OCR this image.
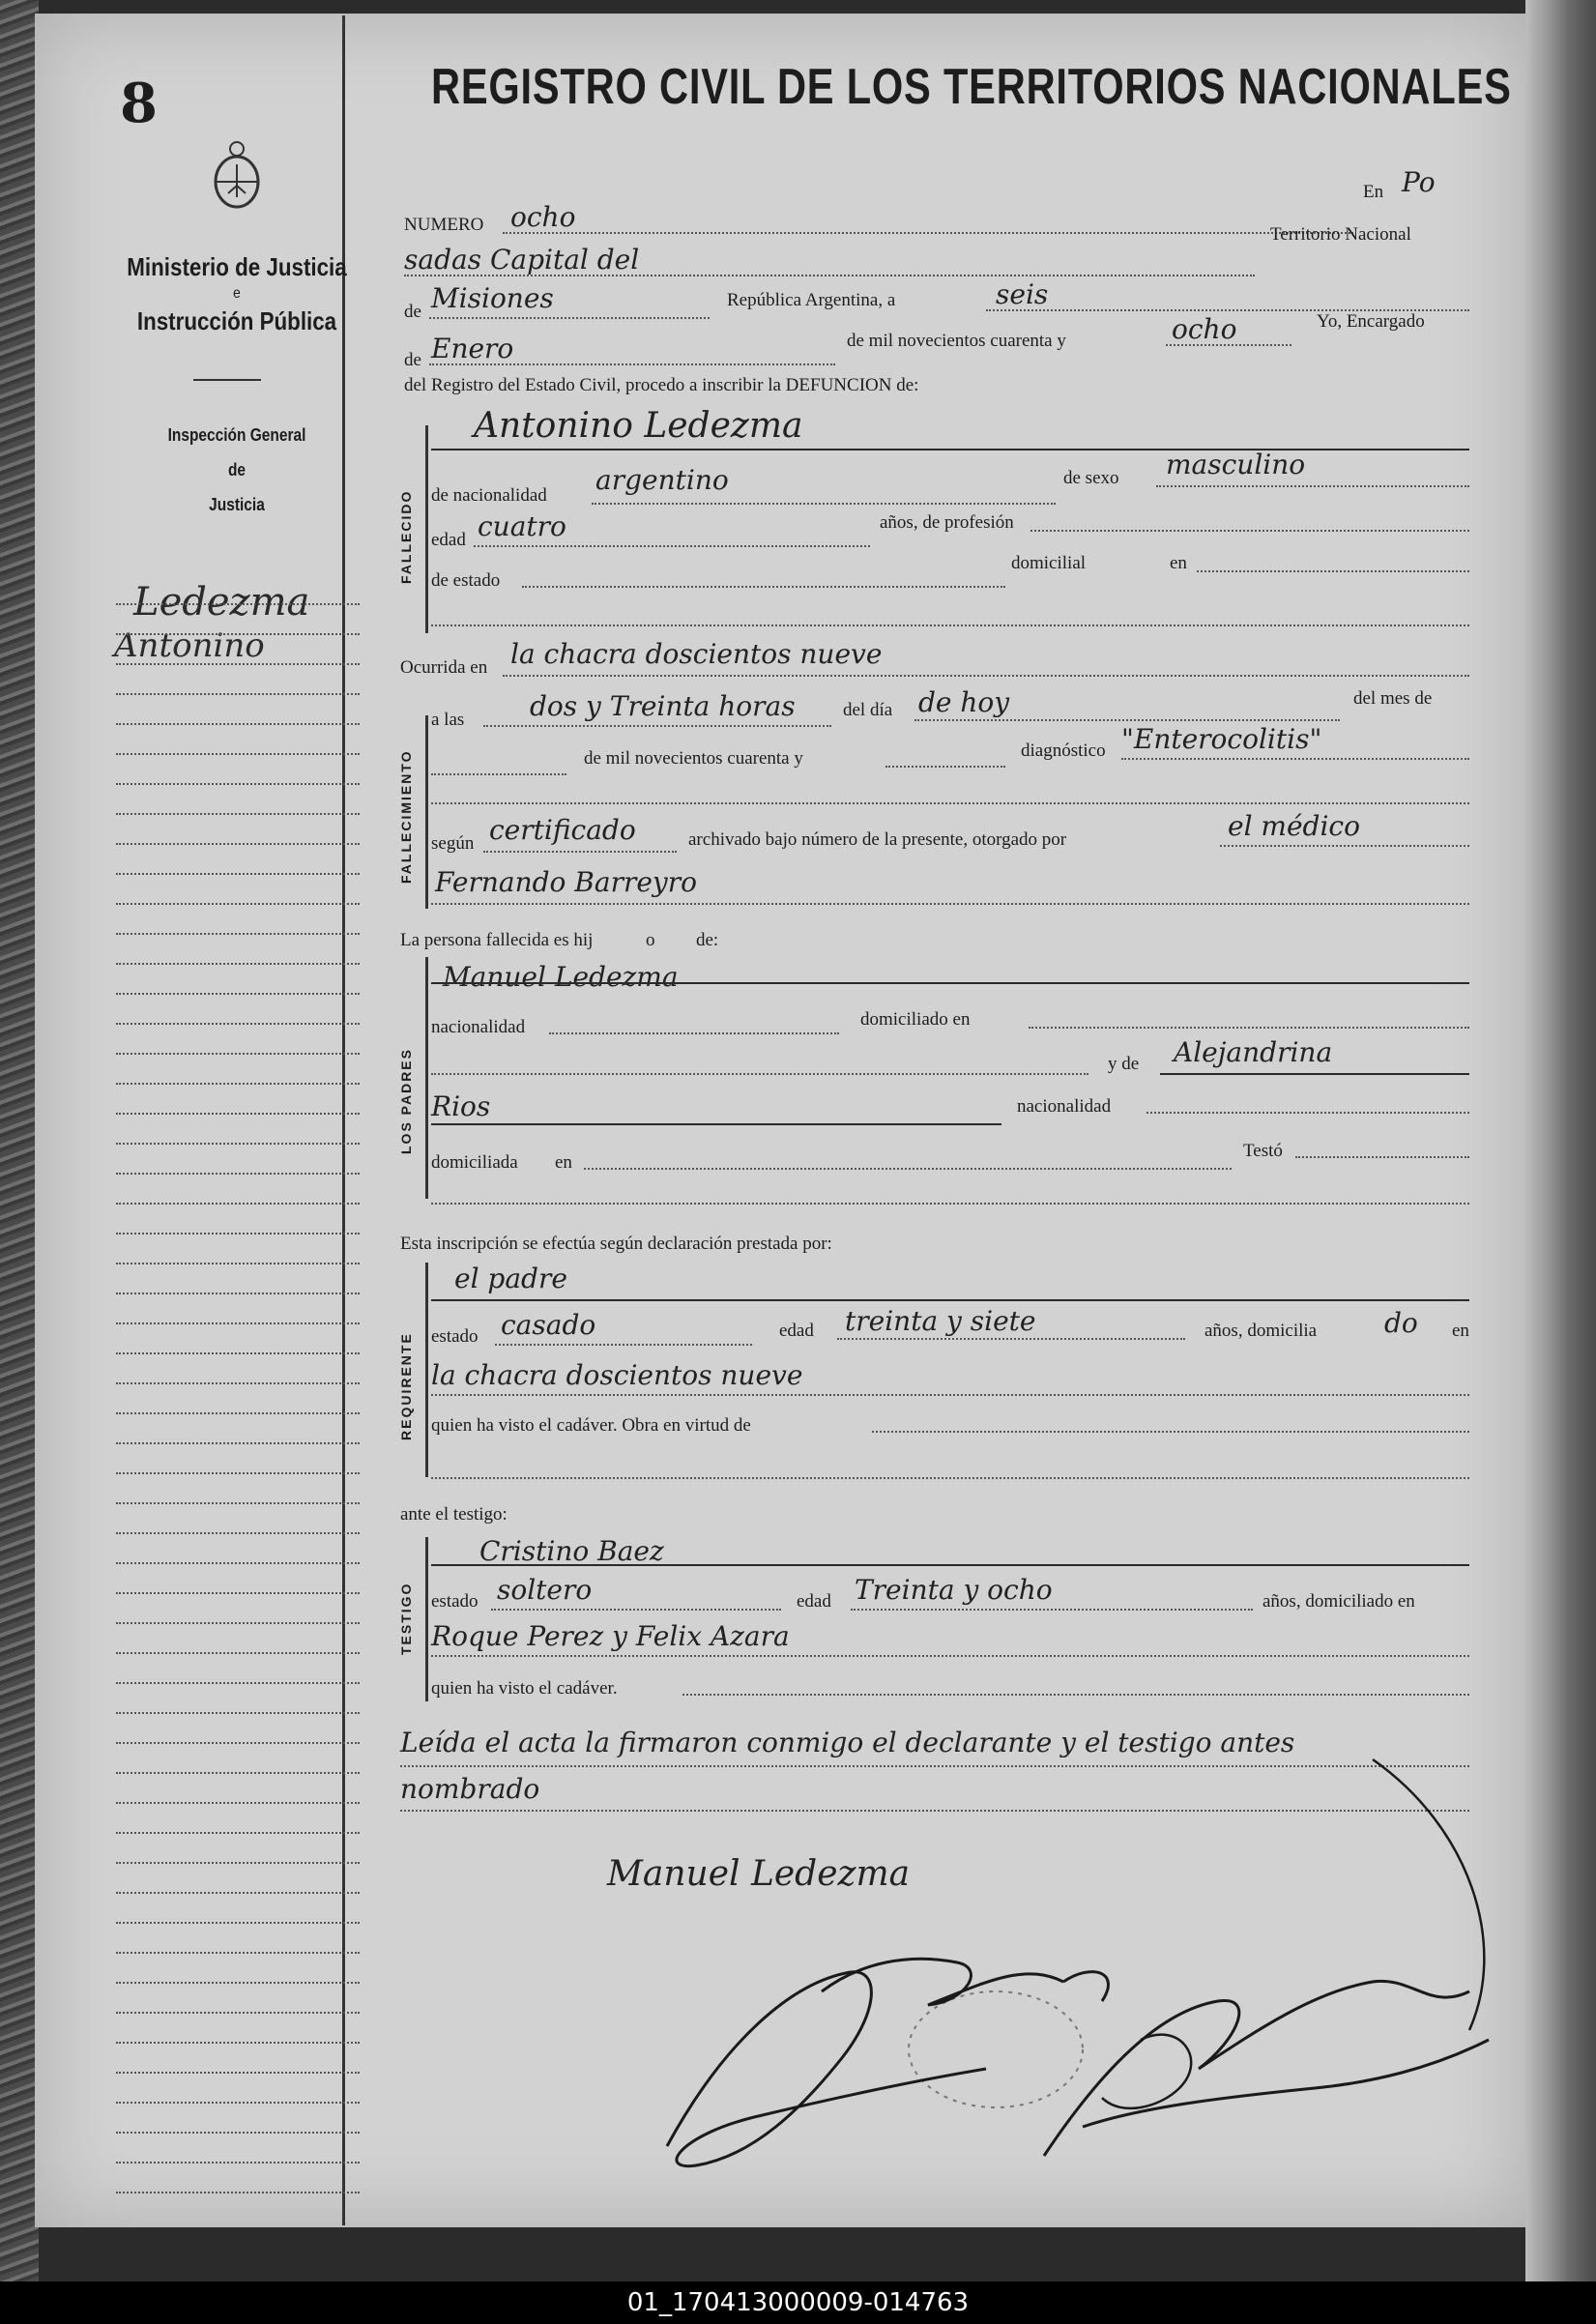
8
Ministerio de Justicia
e
Instrucción Pública
Inspección General
de
Justicia
Ledezma
Antonino
REGISTRO CIVIL DE LOS TERRITORIOS NACIONALES
NUMERO ocho
En Po
sadas Capital del
Territorio Nacional
de Misiones	República Argentina, a	seis
de Enero	de mil novecientos cuarenta y	ocho	Yo, Encargado
del Registro del Estado Civil, procedo a inscribir la DEFUNCION de:
FALLECIDO
Antonino Ledezma
de nacionalidad argentino	de sexo masculino
edad cuatro	años, de profesión
de estado
domicilial	en
Ocurrida en la chacra doscientos nueve
FALLECIMIENTO
a las dos y Treinta horas	del día de hoy	del mes de
de mil novecientos cuarenta y	diagnóstico "Enterocolitis"
según certificado	archivado bajo número de la presente, otorgado por	el médico
Fernando Barreyro
La persona fallecida es hij	o de:
LOS PADRES
Manuel Ledezma
nacionalidad	domiciliado en
y de Alejandrina
Rios	nacionalidad
domiciliada en
Testó
Esta inscripción se efectúa según declaración prestada por:
REQUIRENTE
el padre
estado casado	edad treinta y siete	años, domicilia do en
la chacra doscientos nueve
quien ha visto el cadáver. Obra en virtud de
ante el testigo:
TESTIGO
Cristino Baez
estado soltero	edad Treinta y ocho	años, domiciliado en
Roque Perez y Felix Azara
quien ha visto el cadáver.
Leída el acta la firmaron conmigo el declarante y el testigo antes
nombrado
Manuel Ledezma
01_170413000009-014763
